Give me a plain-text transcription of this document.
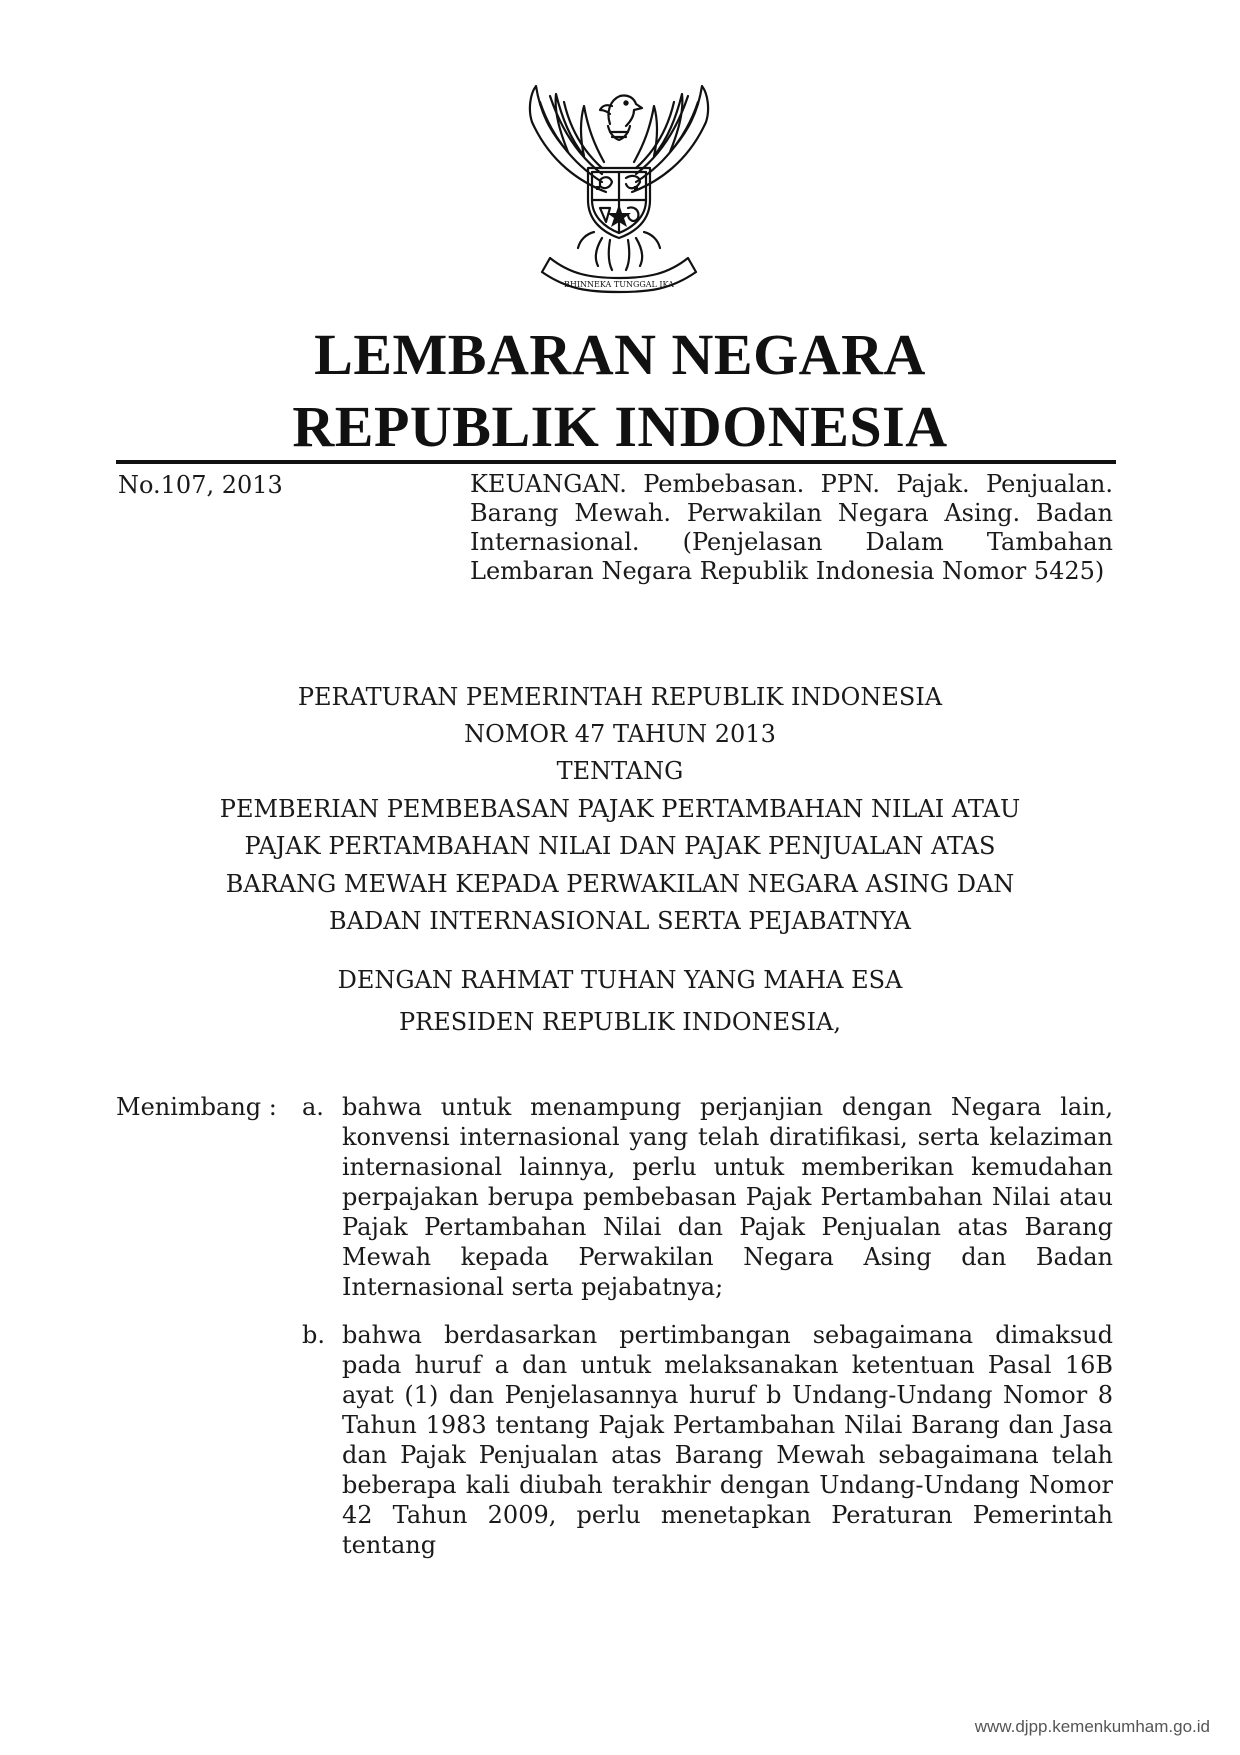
BHINNEKA TUNGGAL IKA
LEMBARAN NEGARA
REPUBLIK INDONESIA
No.107, 2013	KEUANGAN. Pembebasan. PPN. Pajak. Penjualan. Barang Mewah. Perwakilan Negara Asing. Badan Internasional. (Penjelasan Dalam Tambahan Lembaran Negara Republik Indonesia Nomor 5425)
PERATURAN PEMERINTAH REPUBLIK INDONESIA
NOMOR 47 TAHUN 2013
TENTANG
PEMBERIAN PEMBEBASAN PAJAK PERTAMBAHAN NILAI ATAU
PAJAK PERTAMBAHAN NILAI DAN PAJAK PENJUALAN ATAS
BARANG MEWAH KEPADA PERWAKILAN NEGARA ASING DAN
BADAN INTERNASIONAL SERTA PEJABATNYA
DENGAN RAHMAT TUHAN YANG MAHA ESA
PRESIDEN REPUBLIK INDONESIA,
Menimbang : a. bahwa untuk menampung perjanjian dengan Negara lain, konvensi internasional yang telah diratifikasi, serta kelaziman internasional lainnya, perlu untuk memberikan kemudahan perpajakan berupa pembebasan Pajak Pertambahan Nilai atau Pajak Pertambahan Nilai dan Pajak Penjualan atas Barang Mewah kepada Perwakilan Negara Asing dan Badan Internasional serta pejabatnya;
b. bahwa berdasarkan pertimbangan sebagaimana dimaksud pada huruf a dan untuk melaksanakan ketentuan Pasal 16B ayat (1) dan Penjelasannya huruf b Undang-Undang Nomor 8 Tahun 1983 tentang Pajak Pertambahan Nilai Barang dan Jasa dan Pajak Penjualan atas Barang Mewah sebagaimana telah beberapa kali diubah terakhir dengan Undang-Undang Nomor 42 Tahun 2009, perlu menetapkan Peraturan Pemerintah tentang
www.djpp.kemenkumham.go.id
